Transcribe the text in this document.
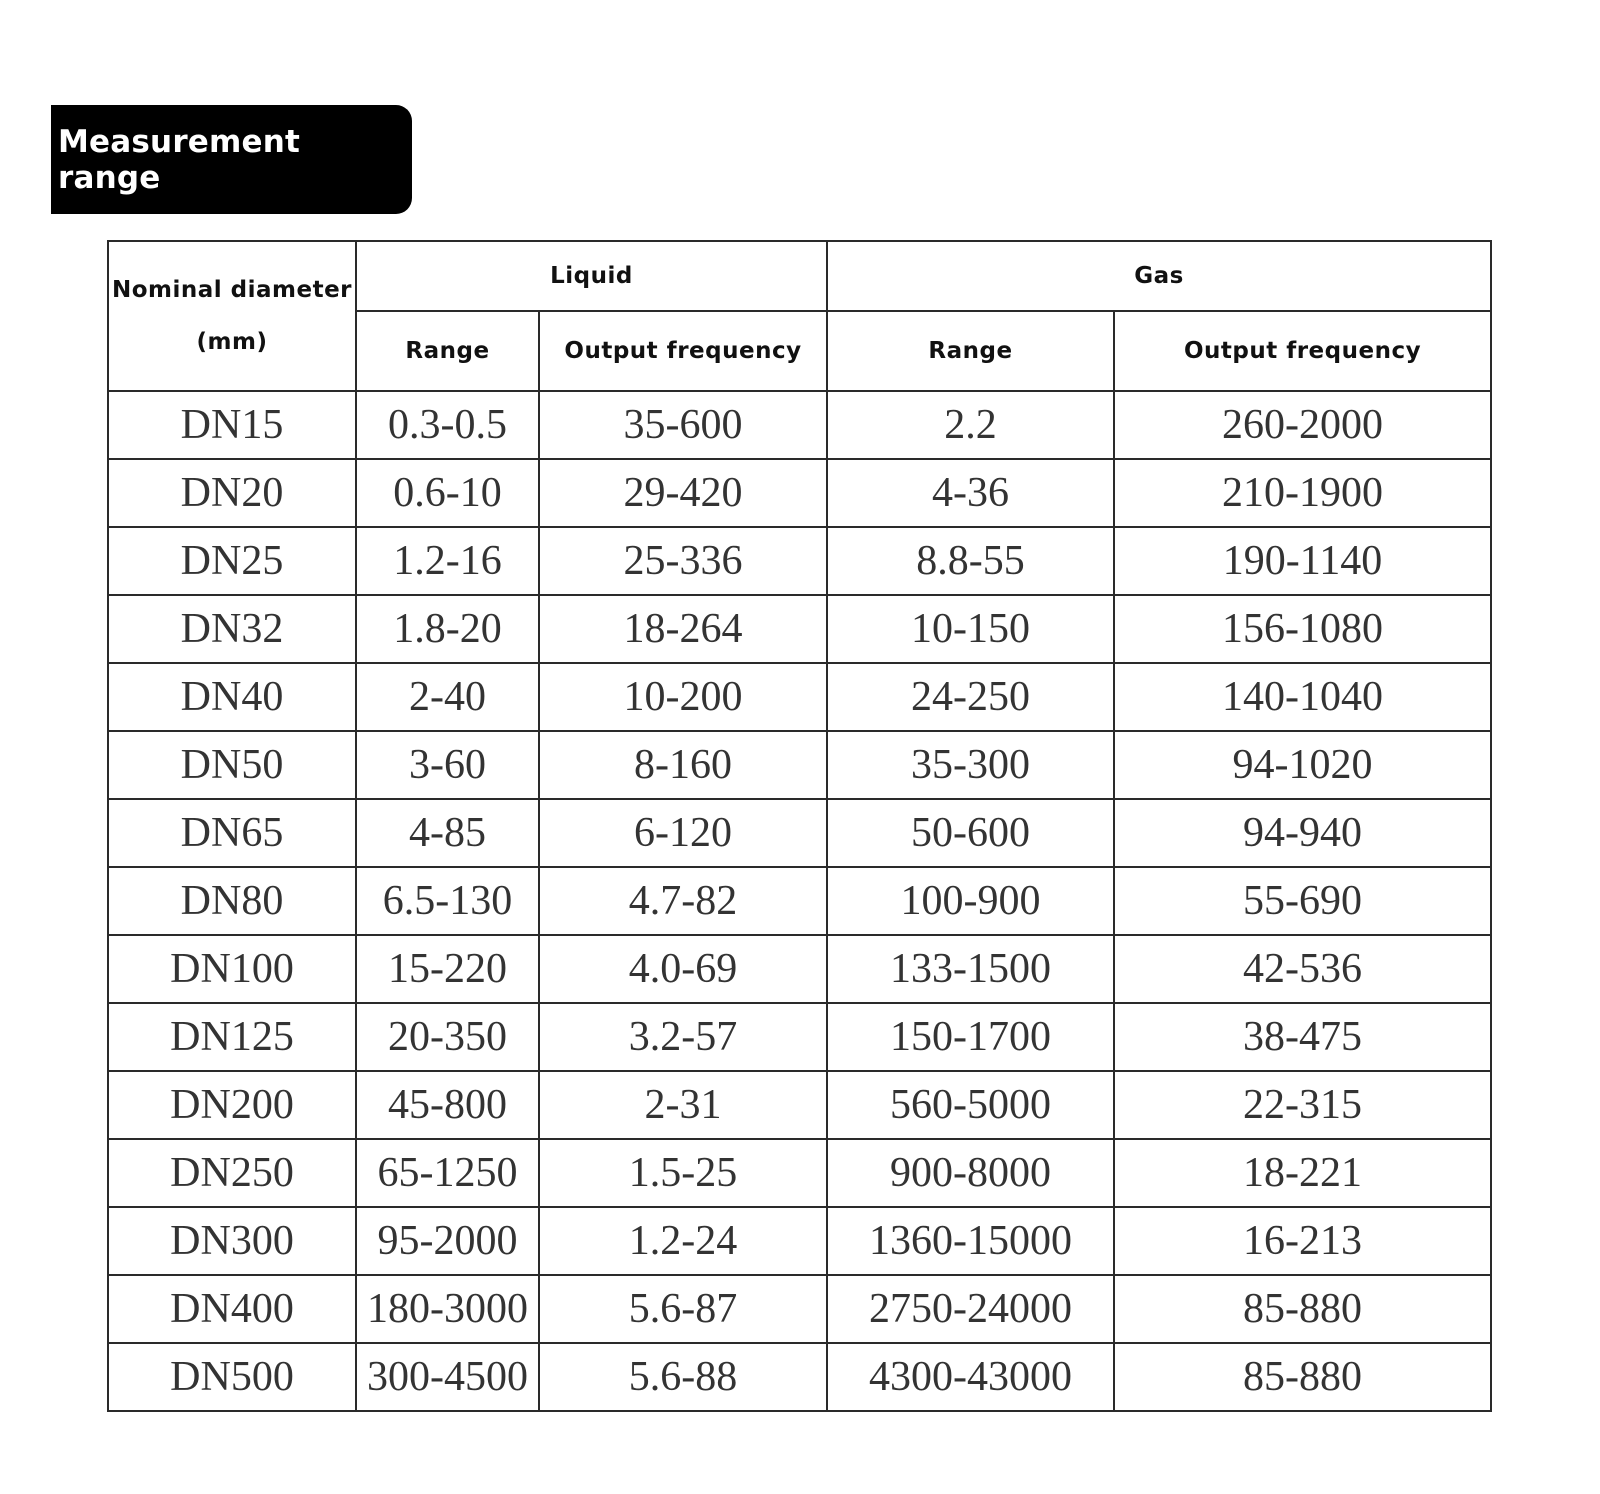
Measurement range
Nominal diameter
(mm)	Liquid		Gas	
	Range	Output frequency	Range	Output frequency
DN15	0.3-0.5	35-600	2.2	260-2000
DN20	0.6-10	29-420	4-36	210-1900
DN25	1.2-16	25-336	8.8-55	190-1140
DN32	1.8-20	18-264	10-150	156-1080
DN40	2-40	10-200	24-250	140-1040
DN50	3-60	8-160	35-300	94-1020
DN65	4-85	6-120	50-600	94-940
DN80	6.5-130	4.7-82	100-900	55-690
DN100	15-220	4.0-69	133-1500	42-536
DN125	20-350	3.2-57	150-1700	38-475
DN200	45-800	2-31	560-5000	22-315
DN250	65-1250	1.5-25	900-8000	18-221
DN300	95-2000	1.2-24	1360-15000	16-213
DN400	180-3000	5.6-87	2750-24000	85-880
DN500	300-4500	5.6-88	4300-43000	85-880
